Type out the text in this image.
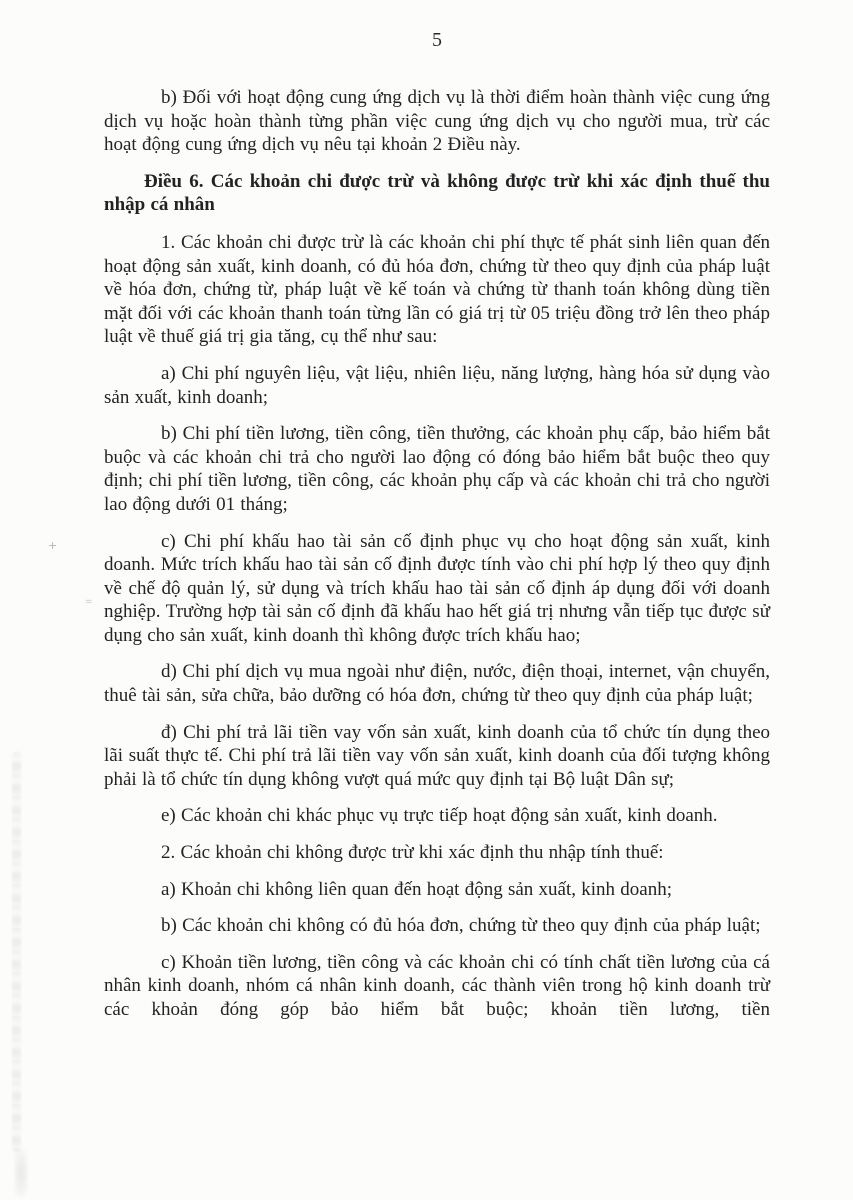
5

b) Đối với hoạt động cung ứng dịch vụ là thời điểm hoàn thành việc cung ứng dịch vụ hoặc hoàn thành từng phần việc cung ứng dịch vụ cho người mua, trừ các hoạt động cung ứng dịch vụ nêu tại khoản 2 Điều này.

Điều 6. Các khoản chi được trừ và không được trừ khi xác định thuế thu nhập cá nhân

1. Các khoản chi được trừ là các khoản chi phí thực tế phát sinh liên quan đến hoạt động sản xuất, kinh doanh, có đủ hóa đơn, chứng từ theo quy định của pháp luật về hóa đơn, chứng từ, pháp luật về kế toán và chứng từ thanh toán không dùng tiền mặt đối với các khoản thanh toán từng lần có giá trị từ 05 triệu đồng trở lên theo pháp luật về thuế giá trị gia tăng, cụ thể như sau:

a) Chi phí nguyên liệu, vật liệu, nhiên liệu, năng lượng, hàng hóa sử dụng vào sản xuất, kinh doanh;

b) Chi phí tiền lương, tiền công, tiền thưởng, các khoản phụ cấp, bảo hiểm bắt buộc và các khoản chi trả cho người lao động có đóng bảo hiểm bắt buộc theo quy định; chi phí tiền lương, tiền công, các khoản phụ cấp và các khoản chi trả cho người lao động dưới 01 tháng;

c) Chi phí khấu hao tài sản cố định phục vụ cho hoạt động sản xuất, kinh doanh. Mức trích khấu hao tài sản cố định được tính vào chi phí hợp lý theo quy định về chế độ quản lý, sử dụng và trích khấu hao tài sản cố định áp dụng đối với doanh nghiệp. Trường hợp tài sản cố định đã khấu hao hết giá trị nhưng vẫn tiếp tục được sử dụng cho sản xuất, kinh doanh thì không được trích khấu hao;

d) Chi phí dịch vụ mua ngoài như điện, nước, điện thoại, internet, vận chuyển, thuê tài sản, sửa chữa, bảo dưỡng có hóa đơn, chứng từ theo quy định của pháp luật;

đ) Chi phí trả lãi tiền vay vốn sản xuất, kinh doanh của tổ chức tín dụng theo lãi suất thực tế. Chi phí trả lãi tiền vay vốn sản xuất, kinh doanh của đối tượng không phải là tổ chức tín dụng không vượt quá mức quy định tại Bộ luật Dân sự;

e) Các khoản chi khác phục vụ trực tiếp hoạt động sản xuất, kinh doanh.

2. Các khoản chi không được trừ khi xác định thu nhập tính thuế:

a) Khoản chi không liên quan đến hoạt động sản xuất, kinh doanh;

b) Các khoản chi không có đủ hóa đơn, chứng từ theo quy định của pháp luật;

c) Khoản tiền lương, tiền công và các khoản chi có tính chất tiền lương của cá nhân kinh doanh, nhóm cá nhân kinh doanh, các thành viên trong hộ kinh doanh trừ các khoản đóng góp bảo hiểm bắt buộc; khoản tiền lương, tiền

+
=
